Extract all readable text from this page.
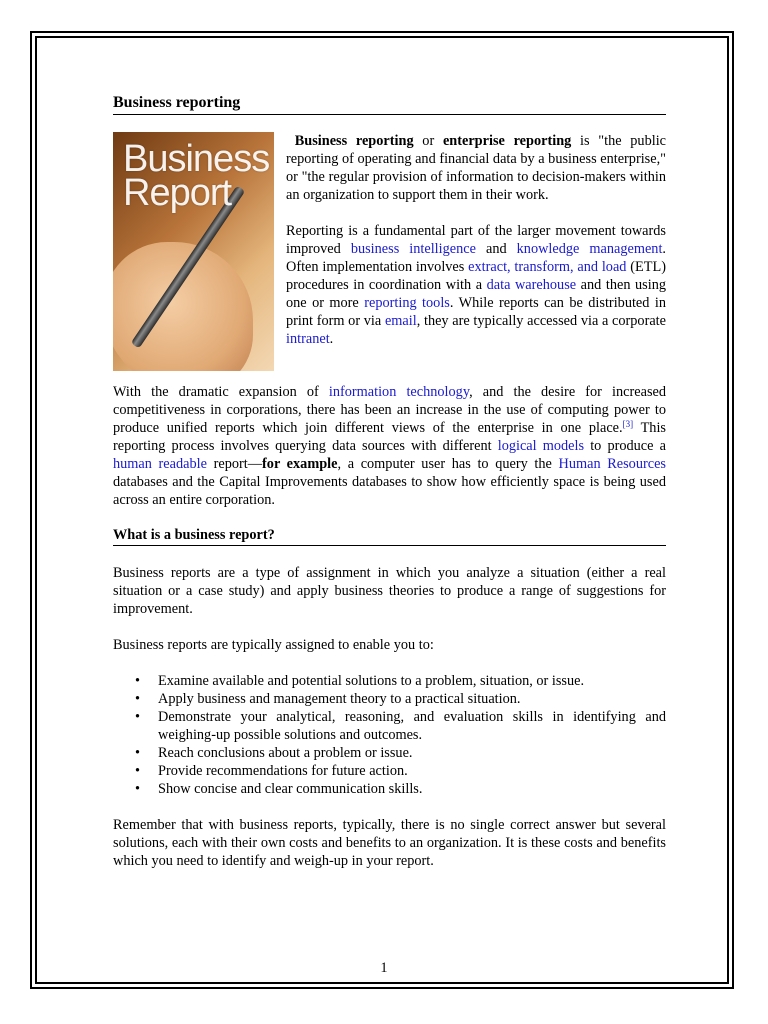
Business reporting
Business
Report

Business reporting or enterprise reporting is "the public reporting of operating and financial data by a business enterprise," or "the regular provision of information to decision-makers within an organization to support them in their work.

Reporting is a fundamental part of the larger movement towards improved business intelligence and knowledge management. Often implementation involves extract, transform, and load (ETL) procedures in coordination with a data warehouse and then using one or more reporting tools. While reports can be distributed in print form or via email, they are typically accessed via a corporate intranet.

With the dramatic expansion of information technology, and the desire for increased competitiveness in corporations, there has been an increase in the use of computing power to produce unified reports which join different views of the enterprise in one place.[3] This reporting process involves querying data sources with different logical models to produce a human readable report—for example, a computer user has to query the Human Resources databases and the Capital Improvements databases to show how efficiently space is being used across an entire corporation.

What is a business report?

Business reports are a type of assignment in which you analyze a situation (either a real situation or a case study) and apply business theories to produce a range of suggestions for improvement.

Business reports are typically assigned to enable you to:

• Examine available and potential solutions to a problem, situation, or issue.
• Apply business and management theory to a practical situation.
• Demonstrate your analytical, reasoning, and evaluation skills in identifying and weighing-up possible solutions and outcomes.
• Reach conclusions about a problem or issue.
• Provide recommendations for future action.
• Show concise and clear communication skills.

Remember that with business reports, typically, there is no single correct answer but several solutions, each with their own costs and benefits to an organization. It is these costs and benefits which you need to identify and weigh-up in your report.

1
